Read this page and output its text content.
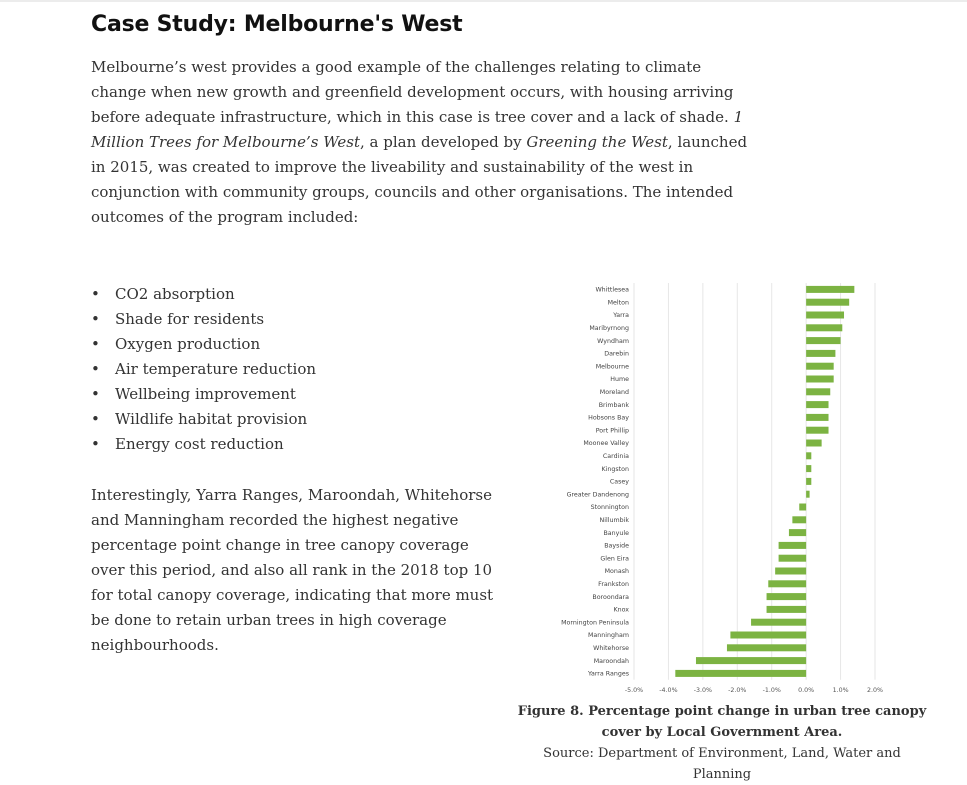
Case Study: Melbourne's West

Melbourne’s west provides a good example of the challenges relating to climate change when new growth and greenfield development occurs, with housing arriving before adequate infrastructure, which in this case is tree cover and a lack of shade. 1 Million Trees for Melbourne’s West, a plan developed by Greening the West, launched in 2015, was created to improve the liveability and sustainability of the west in conjunction with community groups, councils and other organisations. The intended outcomes of the program included:

• CO2 absorption
• Shade for residents
• Oxygen production
• Air temperature reduction
• Wellbeing improvement
• Wildlife habitat provision
• Energy cost reduction

Interestingly, Yarra Ranges, Maroondah, Whitehorse and Manningham recorded the highest negative percentage point change in tree canopy coverage over this period, and also all rank in the 2018 top 10 for total canopy coverage, indicating that more must be done to retain urban trees in high coverage neighbourhoods.

Whittlesea
Melton
Yarra
Maribyrnong
Wyndham
Darebin
Melbourne
Hume
Moreland
Brimbank
Hobsons Bay
Port Phillip
Moonee Valley
Cardinia
Kingston
Casey
Greater Dandenong
Stonnington
Nillumbik
Banyule
Bayside
Glen Eira
Monash
Frankston
Boroondara
Knox
Mornington Peninsula
Manningham
Whitehorse
Maroondah
Yarra Ranges
-5.0%	-4.0%	-3.0%	-2.0%	-1.0%	0.0%	1.0%	2.0%
Figure 8. Percentage point change in urban tree canopy cover by Local Government Area.
Source: Department of Environment, Land, Water and Planning
